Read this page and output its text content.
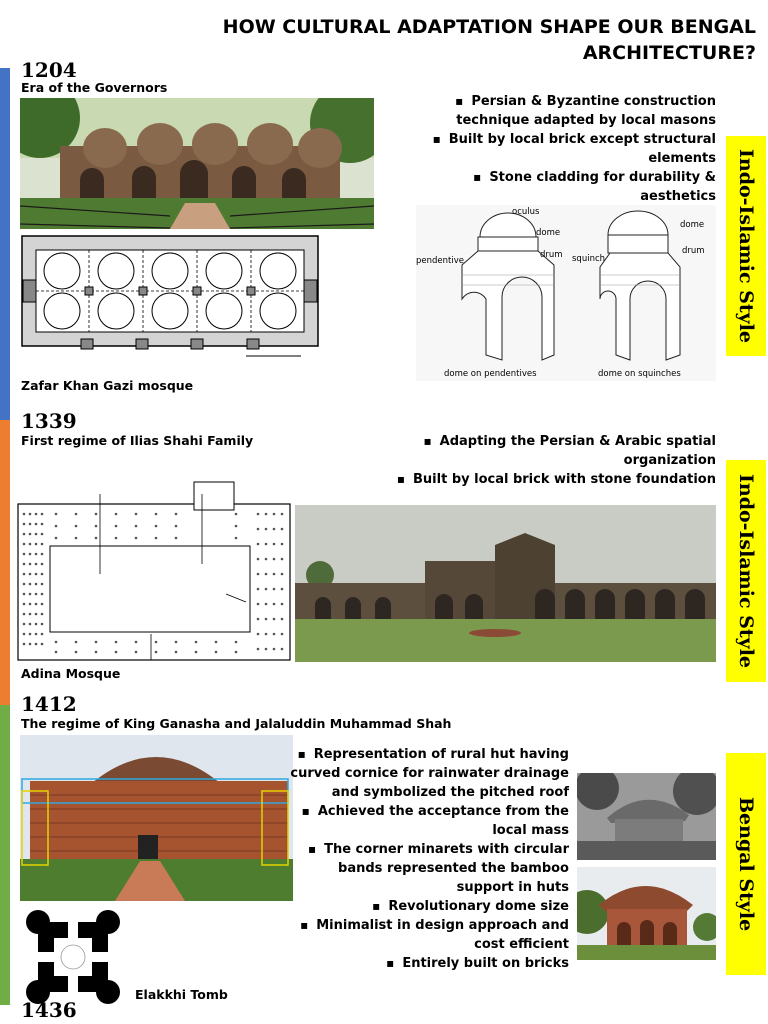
HOW CULTURAL ADAPTATION SHAPE OUR BENGAL ARCHITECTURE?
1204
Era of the Governors
Zafar Khan Gazi mosque
▪ Persian & Byzantine construction technique adapted by local masons
▪ Built by local brick except structural elements
▪ Stone cladding for durability & aesthetics
oculus
dome
drum
pendentive
dome
drum
squinch
dome on pendentives	dome on squinches
Indo-Islamic Style
1339
First regime of Ilias Shahi Family
▪	Adapting the Persian & Arabic spatial organization
▪ Built by local brick with stone foundation
Adina Mosque
Indo-Islamic Style
1412
The regime of King Ganasha and Jalaluddin Muhammad Shah
Elakkhi Tomb
▪ Representation of rural hut having curved cornice for rainwater drainage and symbolized the pitched roof
▪ Achieved the acceptance from the local mass
▪ The corner minarets with circular bands represented the bamboo support in huts
▪ Revolutionary dome size
▪ Minimalist in design approach and cost efficient
▪ Entirely built on bricks
Bengal Style
1436
